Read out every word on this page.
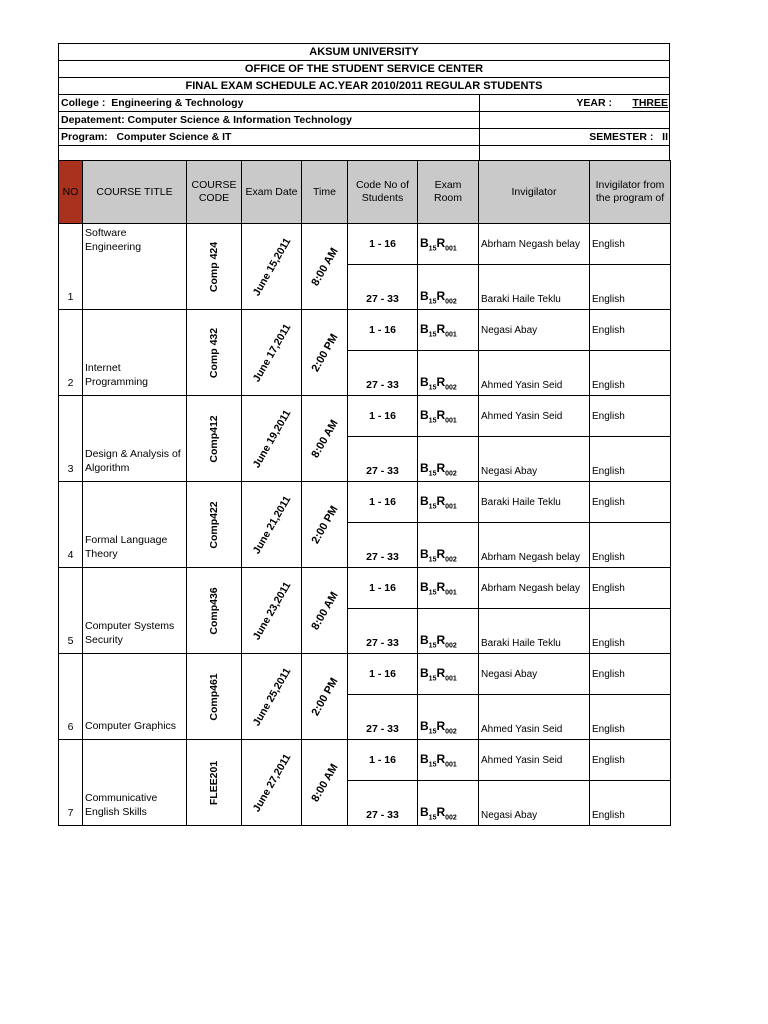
AKSUM UNIVERSITY
OFFICE OF THE STUDENT SERVICE CENTER
FINAL EXAM SCHEDULE AC.YEAR 2010/2011 REGULAR STUDENTS
College : Engineering & Technology	YEAR : THREE
Depatement: Computer Science & Information Technology
Program: Computer Science & IT	SEMESTER : II
NO	COURSE TITLE	COURSE CODE	Exam Date	Time	Code No of Students	Exam Room	Invigilator	Invigilator from the program of
1	Software Engineering	Comp 424	June 15,2011	8:00 AM	1 - 16	$B_{15}R_{001}$	Abrham Negash belay	English
					27 - 33	$B_{15}R_{002}$	Baraki Haile Teklu	English
2	Internet Programming	Comp 432	June 17,2011	2:00 PM	1 - 16	$B_{15}R_{001}$	Negasi Abay	English
					27 - 33	$B_{15}R_{002}$	Ahmed Yasin Seid	English
3	Design & Analysis of Algorithm	Comp412	June 19,2011	8:00 AM	1 - 16	$B_{15}R_{001}$	Ahmed Yasin Seid	English
					27 - 33	$B_{15}R_{002}$	Negasi Abay	English
4	Formal Language Theory	Comp422	June 21,2011	2:00 PM	1 - 16	$B_{15}R_{001}$	Baraki Haile Teklu	English
					27 - 33	$B_{15}R_{002}$	Abrham Negash belay	English
5	Computer Systems Security	Comp436	June 23,2011	8:00 AM	1 - 16	$B_{15}R_{001}$	Abrham Negash belay	English
					27 - 33	$B_{15}R_{002}$	Baraki Haile Teklu	English
6	Computer Graphics	Comp461	June 25,2011	2:00 PM	1 - 16	$B_{15}R_{001}$	Negasi Abay	English
					27 - 33	$B_{15}R_{002}$	Ahmed Yasin Seid	English
7	Communicative English Skills	FLEE201	June 27,2011	8:00 AM	1 - 16	$B_{15}R_{001}$	Ahmed Yasin Seid	English
					27 - 33	$B_{15}R_{002}$	Negasi Abay	English
